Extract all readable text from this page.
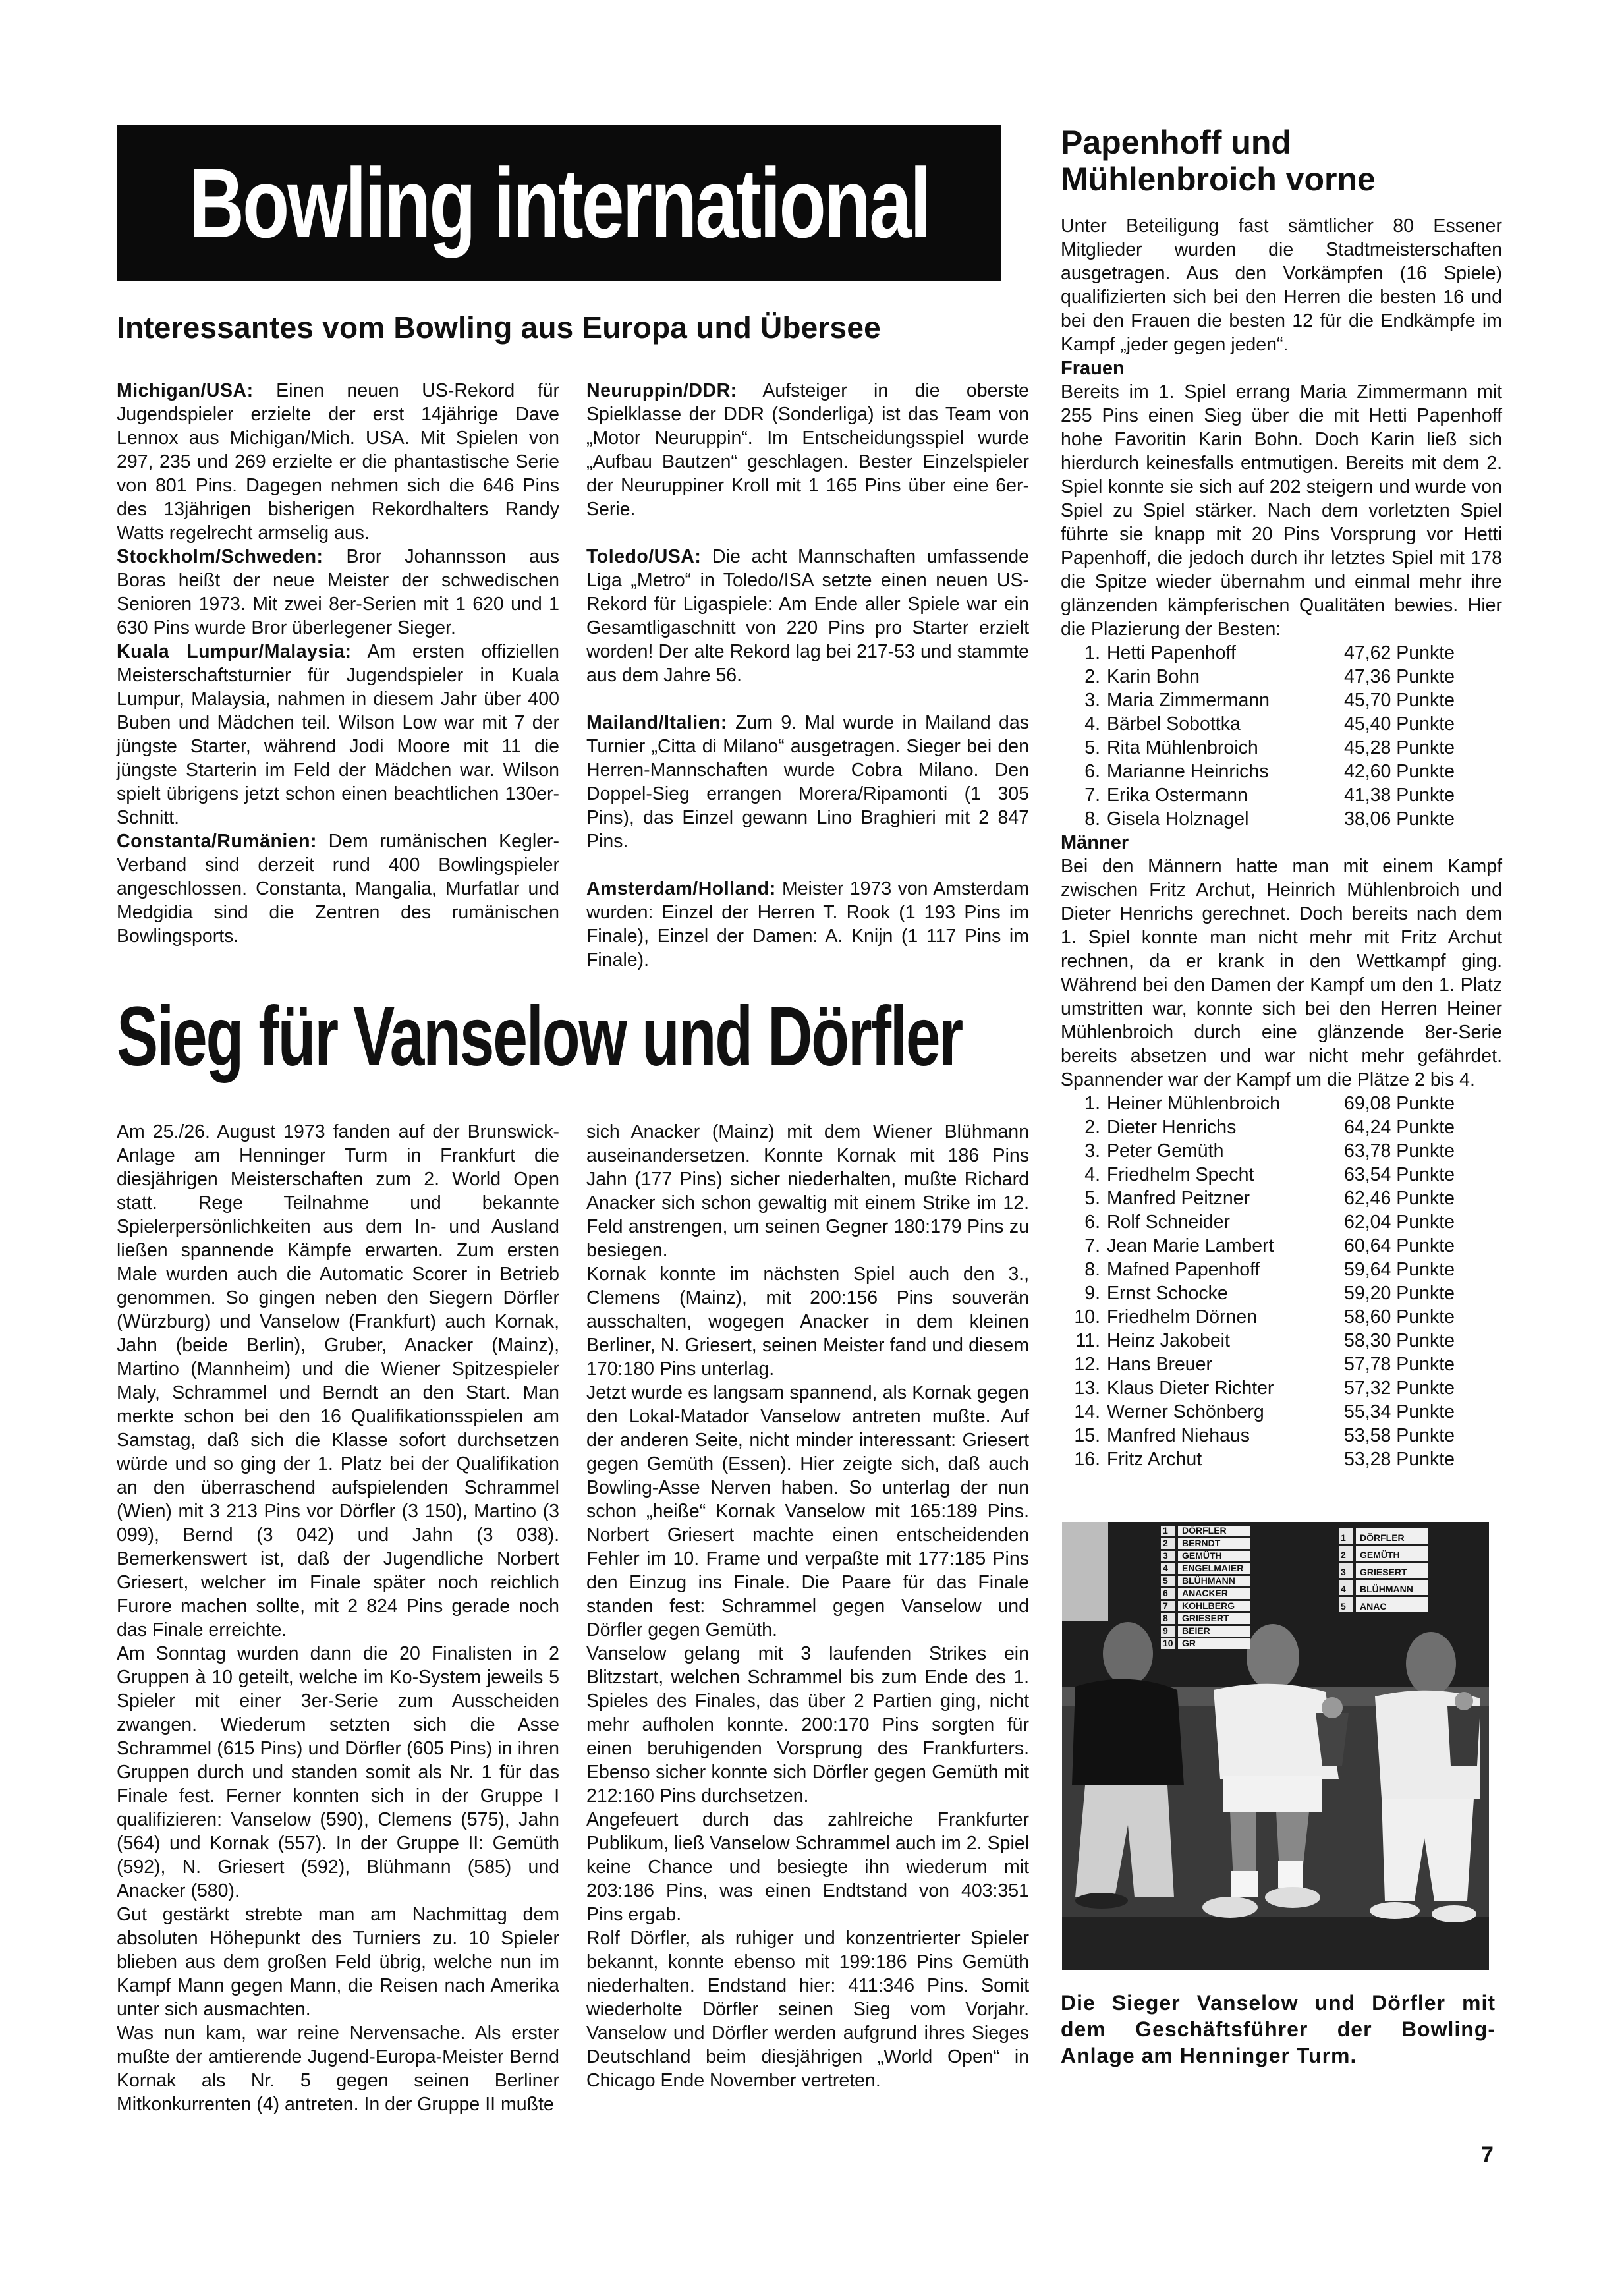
Bowling international
Interessantes vom Bowling aus Europa und Übersee

Michigan/USA: Einen neuen US-Rekord für Jugendspieler erzielte der erst 14jährige Dave Lennox aus Michigan/Mich. USA. Mit Spielen von 297, 235 und 269 erzielte er die phantastische Serie von 801 Pins. Dagegen nehmen sich die 646 Pins des 13jährigen bisherigen Rekordhalters Randy Watts regelrecht armselig aus.

Stockholm/Schweden: Bror Johannsson aus Boras heißt der neue Meister der schwedischen Senioren 1973. Mit zwei 8er-Serien mit 1 620 und 1 630 Pins wurde Bror überlegener Sieger.

Kuala Lumpur/Malaysia: Am ersten offiziellen Meisterschaftsturnier für Jugendspieler in Kuala Lumpur, Malaysia, nahmen in diesem Jahr über 400 Buben und Mädchen teil. Wilson Low war mit 7 der jüngste Starter, während Jodi Moore mit 11 die jüngste Starterin im Feld der Mädchen war. Wilson spielt übrigens jetzt schon einen beachtlichen 130er-Schnitt.

Constanta/Rumänien: Dem rumänischen Kegler-Verband sind derzeit rund 400 Bowlingspieler angeschlossen. Constanta, Mangalia, Murfatlar und Medgidia sind die Zentren des rumänischen Bowlingsports.

Neuruppin/DDR: Aufsteiger in die oberste Spielklasse der DDR (Sonderliga) ist das Team von „Motor Neuruppin“. Im Entscheidungsspiel wurde „Aufbau Bautzen“ geschlagen. Bester Einzelspieler der Neuruppiner Kroll mit 1 165 Pins über eine 6er-Serie.

Toledo/USA: Die acht Mannschaften umfassende Liga „Metro“ in Toledo/ISA setzte einen neuen US-Rekord für Ligaspiele: Am Ende aller Spiele war ein Gesamtligaschnitt von 220 Pins pro Starter erzielt worden! Der alte Rekord lag bei 217-53 und stammte aus dem Jahre 56.

Mailand/Italien: Zum 9. Mal wurde in Mailand das Turnier „Citta di Milano“ ausgetragen. Sieger bei den Herren-Mannschaften wurde Cobra Milano. Den Doppel-Sieg errangen Morera/Ripamonti (1 305 Pins), das Einzel gewann Lino Braghieri mit 2 847 Pins.

Amsterdam/Holland: Meister 1973 von Amsterdam wurden: Einzel der Herren T. Rook (1 193 Pins im Finale), Einzel der Damen: A. Knijn (1 117 Pins im Finale).

Papenhoff und Mühlenbroich vorne

Unter Beteiligung fast sämtlicher 80 Essener Mitglieder wurden die Stadtmeisterschaften ausgetragen. Aus den Vorkämpfen (16 Spiele) qualifizierten sich bei den Herren die besten 16 und bei den Frauen die besten 12 für die Endkämpfe im Kampf „jeder gegen jeden“.

Frauen

Bereits im 1. Spiel errang Maria Zimmermann mit 255 Pins einen Sieg über die mit Hetti Papenhoff hohe Favoritin Karin Bohn. Doch Karin ließ sich hierdurch keinesfalls entmutigen. Bereits mit dem 2. Spiel konnte sie sich auf 202 steigern und wurde von Spiel zu Spiel stärker. Nach dem vorletzten Spiel führte sie knapp mit 20 Pins Vorsprung vor Hetti Papenhoff, die jedoch durch ihr letztes Spiel mit 178 die Spitze wieder übernahm und einmal mehr ihre glänzenden kämpferischen Qualitäten bewies. Hier die Plazierung der Besten:

1. Hetti Papenhoff	47,62 Punkte
2. Karin Bohn	47,36 Punkte
3. Maria Zimmermann	45,70 Punkte
4. Bärbel Sobottka	45,40 Punkte
5. Rita Mühlenbroich	45,28 Punkte
6. Marianne Heinrichs	42,60 Punkte
7. Erika Ostermann	41,38 Punkte
8. Gisela Holznagel	38,06 Punkte
Männer

Bei den Männern hatte man mit einem Kampf zwischen Fritz Archut, Heinrich Mühlenbroich und Dieter Henrichs gerechnet. Doch bereits nach dem 1. Spiel konnte man nicht mehr mit Fritz Archut rechnen, da er krank in den Wettkampf ging. Während bei den Damen der Kampf um den 1. Platz umstritten war, konnte sich bei den Herren Heiner Mühlenbroich durch eine glänzende 8er-Serie bereits absetzen und war nicht mehr gefährdet. Spannender war der Kampf um die Plätze 2 bis 4.

1. Heiner Mühlenbroich	69,08 Punkte
2. Dieter Henrichs	64,24 Punkte
3. Peter Gemüth	63,78 Punkte
4. Friedhelm Specht	63,54 Punkte
5. Manfred Peitzner	62,46 Punkte
6. Rolf Schneider	62,04 Punkte
7. Jean Marie Lambert	60,64 Punkte
8. Mafned Papenhoff	59,64 Punkte
9. Ernst Schocke	59,20 Punkte
10. Friedhelm Dörnen	58,60 Punkte
11. Heinz Jakobeit	58,30 Punkte
12. Hans Breuer	57,78 Punkte
13. Klaus Dieter Richter	57,32 Punkte
14. Werner Schönberg	55,34 Punkte
15. Manfred Niehaus	53,58 Punkte
16. Fritz Archut	53,28 Punkte
Sieg für Vanselow und Dörfler

Am 25./26. August 1973 fanden auf der Brunswick-Anlage am Henninger Turm in Frankfurt die diesjährigen Meisterschaften zum 2. World Open statt. Rege Teilnahme und bekannte Spielerpersönlichkeiten aus dem In- und Ausland ließen spannende Kämpfe erwarten. Zum ersten Male wurden auch die Automatic Scorer in Betrieb genommen. So gingen neben den Siegern Dörfler (Würzburg) und Vanselow (Frankfurt) auch Kornak, Jahn (beide Berlin), Gruber, Anacker (Mainz), Martino (Mannheim) und die Wiener Spitzespieler Maly, Schrammel und Berndt an den Start. Man merkte schon bei den 16 Qualifikationsspielen am Samstag, daß sich die Klasse sofort durchsetzen würde und so ging der 1. Platz bei der Qualifikation an den überraschend aufspielenden Schrammel (Wien) mit 3 213 Pins vor Dörfler (3 150), Martino (3 099), Bernd (3 042) und Jahn (3 038). Bemerkenswert ist, daß der Jugendliche Norbert Griesert, welcher im Finale später noch reichlich Furore machen sollte, mit 2 824 Pins gerade noch das Finale erreichte.

Am Sonntag wurden dann die 20 Finalisten in 2 Gruppen à 10 geteilt, welche im Ko-System jeweils 5 Spieler mit einer 3er-Serie zum Ausscheiden zwangen. Wiederum setzten sich die Asse Schrammel (615 Pins) und Dörfler (605 Pins) in ihren Gruppen durch und standen somit als Nr. 1 für das Finale fest. Ferner konnten sich in der Gruppe I qualifizieren: Vanselow (590), Clemens (575), Jahn (564) und Kornak (557). In der Gruppe II: Gemüth (592), N. Griesert (592), Blühmann (585) und Anacker (580).

Gut gestärkt strebte man am Nachmittag dem absoluten Höhepunkt des Turniers zu. 10 Spieler blieben aus dem großen Feld übrig, welche nun im Kampf Mann gegen Mann, die Reisen nach Amerika unter sich ausmachten.

Was nun kam, war reine Nervensache. Als erster mußte der amtierende Jugend-Europa-Meister Bernd Kornak als Nr. 5 gegen seinen Berliner Mitkonkurrenten (4) antreten. In der Gruppe II mußte

sich Anacker (Mainz) mit dem Wiener Blühmann auseinandersetzen. Konnte Kornak mit 186 Pins Jahn (177 Pins) sicher niederhalten, mußte Richard Anacker sich schon gewaltig mit einem Strike im 12. Feld anstrengen, um seinen Gegner 180:179 Pins zu besiegen.

Kornak konnte im nächsten Spiel auch den 3., Clemens (Mainz), mit 200:156 Pins souverän ausschalten, wogegen Anacker in dem kleinen Berliner, N. Griesert, seinen Meister fand und diesem 170:180 Pins unterlag.

Jetzt wurde es langsam spannend, als Kornak gegen den Lokal-Matador Vanselow antreten mußte. Auf der anderen Seite, nicht minder interessant: Griesert gegen Gemüth (Essen). Hier zeigte sich, daß auch Bowling-Asse Nerven haben. So unterlag der nun schon „heiße“ Kornak Vanselow mit 165:189 Pins. Norbert Griesert machte einen entscheidenden Fehler im 10. Frame und verpaßte mit 177:185 Pins den Einzug ins Finale. Die Paare für das Finale standen fest: Schrammel gegen Vanselow und Dörfler gegen Gemüth.

Vanselow gelang mit 3 laufenden Strikes ein Blitzstart, welchen Schrammel bis zum Ende des 1. Spieles des Finales, das über 2 Partien ging, nicht mehr aufholen konnte. 200:170 Pins sorgten für einen beruhigenden Vorsprung des Frankfurters. Ebenso sicher konnte sich Dörfler gegen Gemüth mit 212:160 Pins durchsetzen.

Angefeuert durch das zahlreiche Frankfurter Publikum, ließ Vanselow Schrammel auch im 2. Spiel keine Chance und besiegte ihn wiederum mit 203:186 Pins, was einen Endtstand von 403:351 Pins ergab.

Rolf Dörfler, als ruhiger und konzentrierter Spieler bekannt, konnte ebenso mit 199:186 Pins Gemüth niederhalten. Endstand hier: 411:346 Pins. Somit wiederholte Dörfler seinen Sieg vom Vorjahr. Vanselow und Dörfler werden aufgrund ihres Sieges Deutschland beim diesjährigen „World Open“ in Chicago Ende November vertreten.

1 DÖRFLER
2 BERNDT
3 GEMÜTH
4 ENGELMAIER
5 BLÜHMANN
6 ANACKER
7 KOHLBERG
8 GRIESERT
9 BEIER
10 GR
1 DÖRFLER
2 GEMÜTH
3 GRIESERT
4 BLÜHMANN
5 ANAC
Die Sieger Vanselow und Dörfler mit dem Geschäftsführer der Bowling-Anlage am Henninger Turm.
7
